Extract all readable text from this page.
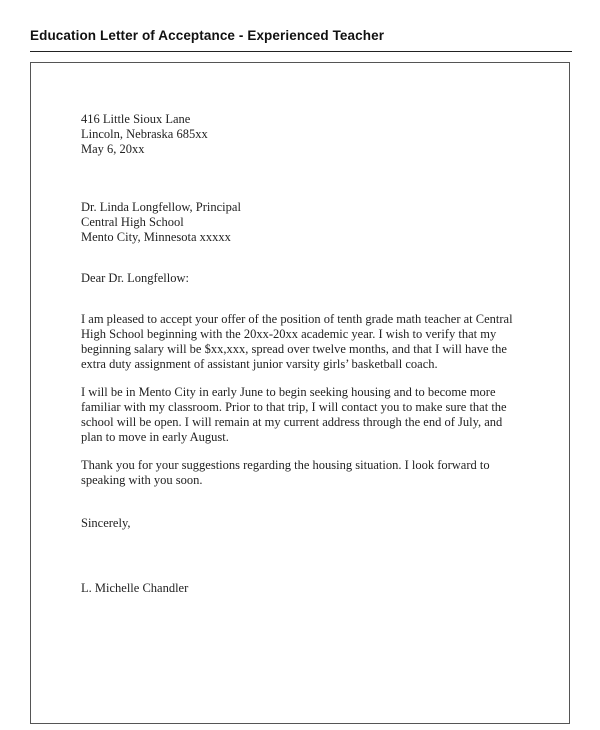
Education Letter of Acceptance - Experienced Teacher
416 Little Sioux Lane
Lincoln, Nebraska 685xx
May 6, 20xx
Dr. Linda Longfellow, Principal
Central High School
Mento City, Minnesota xxxxx
Dear Dr. Longfellow:

I am pleased to accept your offer of the position of tenth grade math teacher at Central High School beginning with the 20xx-20xx academic year. I wish to verify that my beginning salary will be $xx,xxx, spread over twelve months, and that I will have the extra duty assignment of assistant junior varsity girls’ basketball coach.

I will be in Mento City in early June to begin seeking housing and to become more familiar with my classroom. Prior to that trip, I will contact you to make sure that the school will be open. I will remain at my current address through the end of July, and plan to move in early August.

Thank you for your suggestions regarding the housing situation. I look forward to speaking with you soon.

Sincerely,
L. Michelle Chandler
